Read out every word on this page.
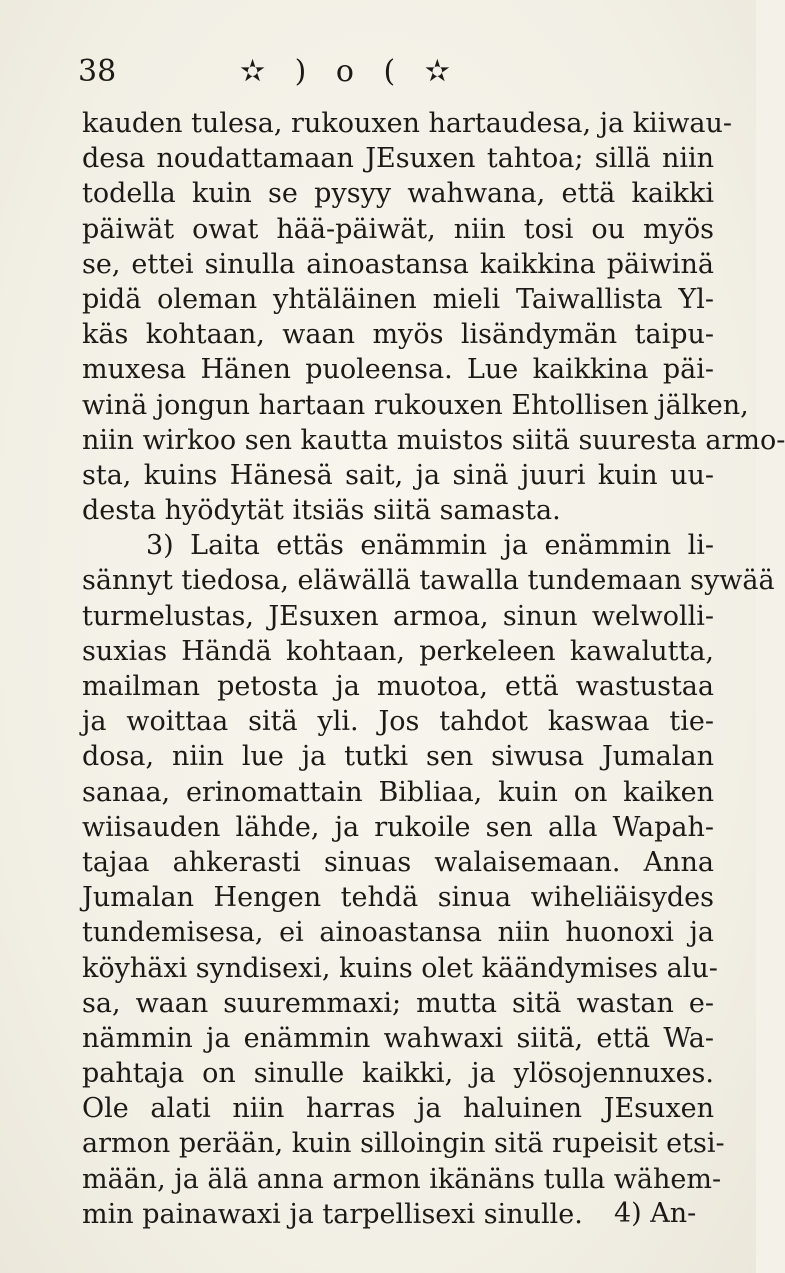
38	✫ ) o ( ✫
kauden tulesa, rukouxen hartaudesa, ja kiiwau-
desa noudattamaan JEsuxen tahtoa; sillä niin
todella kuin se pysyy wahwana, että kaikki
päiwät owat hää-päiwät, niin tosi ou myös
se, ettei sinulla ainoastansa kaikkina päiwinä
pidä oleman yhtäläinen mieli Taiwallista Yl-
käs kohtaan, waan myös lisändymän taipu-
muxesa Hänen puoleensa. Lue kaikkina päi-
winä jongun hartaan rukouxen Ehtollisen jälken,
niin wirkoo sen kautta muistos siitä suuresta armo-
sta, kuins Hänesä sait, ja sinä juuri kuin uu-
desta hyödytät itsiäs siitä samasta.
3) Laita ettäs enämmin ja enämmin li-
sännyt tiedosa, eläwällä tawalla tundemaan sywää
turmelustas, JEsuxen armoa, sinun welwolli-
suxias Händä kohtaan, perkeleen kawalutta,
mailman petosta ja muotoa, että wastustaa
ja woittaa sitä yli. Jos tahdot kaswaa tie-
dosa, niin lue ja tutki sen siwusa Jumalan
sanaa, erinomattain Bibliaa, kuin on kaiken
wiisauden lähde, ja rukoile sen alla Wapah-
tajaa ahkerasti sinuas walaisemaan. Anna
Jumalan Hengen tehdä sinua wiheliäisydes
tundemisesa, ei ainoastansa niin huonoxi ja
köyhäxi syndisexi, kuins olet käändymises alu-
sa, waan suuremmaxi; mutta sitä wastan e-
nämmin ja enämmin wahwaxi siitä, että Wa-
pahtaja on sinulle kaikki, ja ylösojennuxes.
Ole alati niin harras ja haluinen JEsuxen
armon perään, kuin silloingin sitä rupeisit etsi-
mään, ja älä anna armon ikänäns tulla wähem-
min painawaxi ja tarpellisexi sinulle.	4) An-
